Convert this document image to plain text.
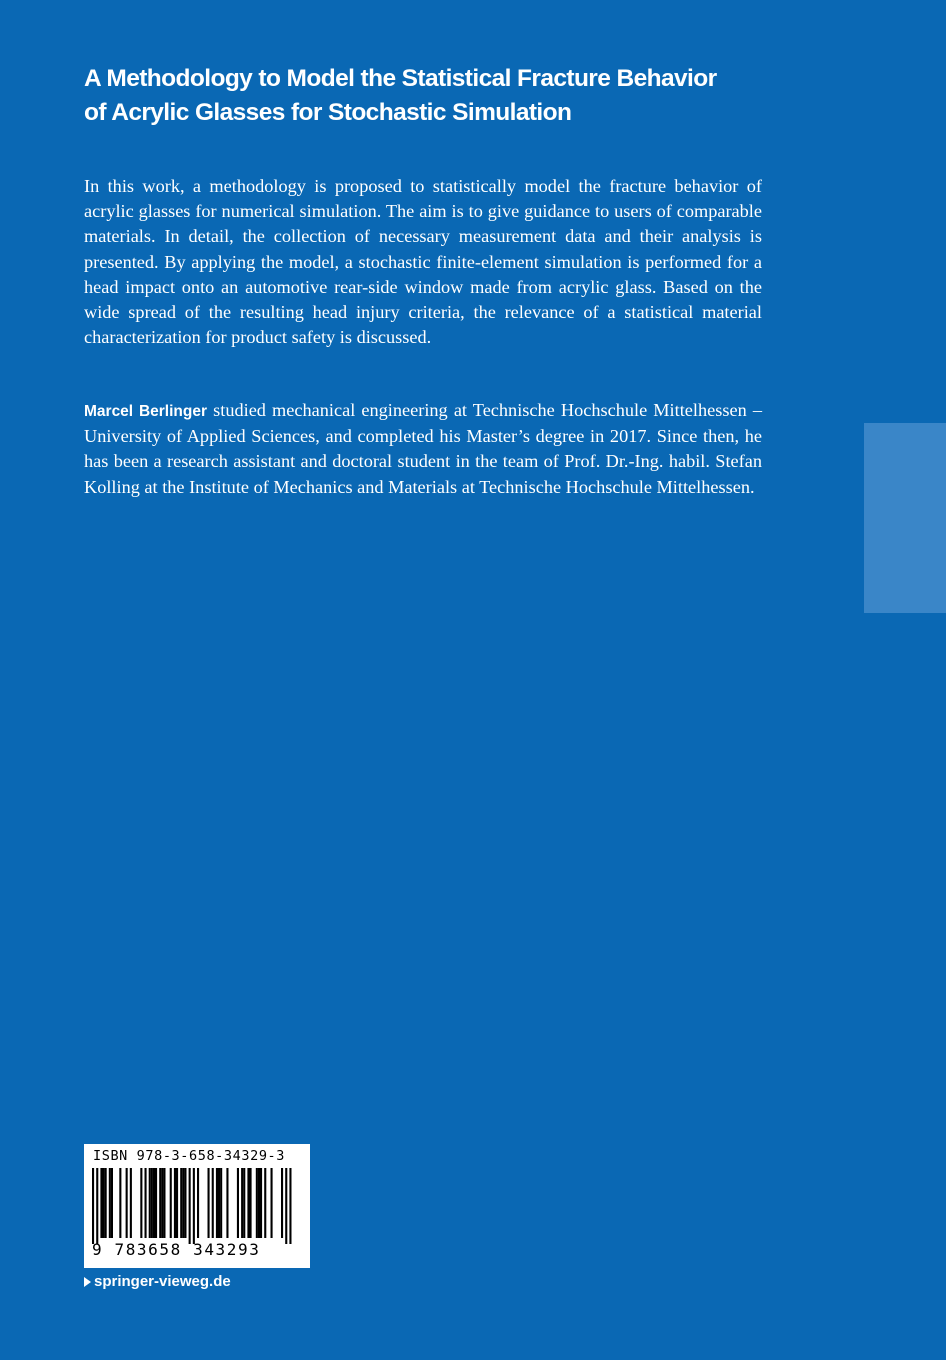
A Methodology to Model the Statistical Fracture Behavior
of Acrylic Glasses for Stochastic Simulation

In this work, a methodology is proposed to statistically model the fracture behavior of acrylic glasses for numerical simulation. The aim is to give guidance to users of comparable materials. In detail, the collection of necessary measurement data and their analysis is presented. By applying the model, a stochastic finite-element simulation is performed for a head impact onto an automotive rear-side window made from acrylic glass. Based on the wide spread of the resulting head injury criteria, the relevance of a statistical material characterization for product safety is discussed.

Marcel Berlinger studied mechanical engineering at Technische Hochschule Mittelhessen – University of Applied Sciences, and completed his Master’s degree in 2017. Since then, he has been a research assistant and doctoral student in the team of Prof. Dr.-Ing. habil. Stefan Kolling at the Institute of Mechanics and Materials at Technische Hochschule Mittelhessen.

ISBN 978-3-658-34329-3
9 783658 343293
springer-vieweg.de
